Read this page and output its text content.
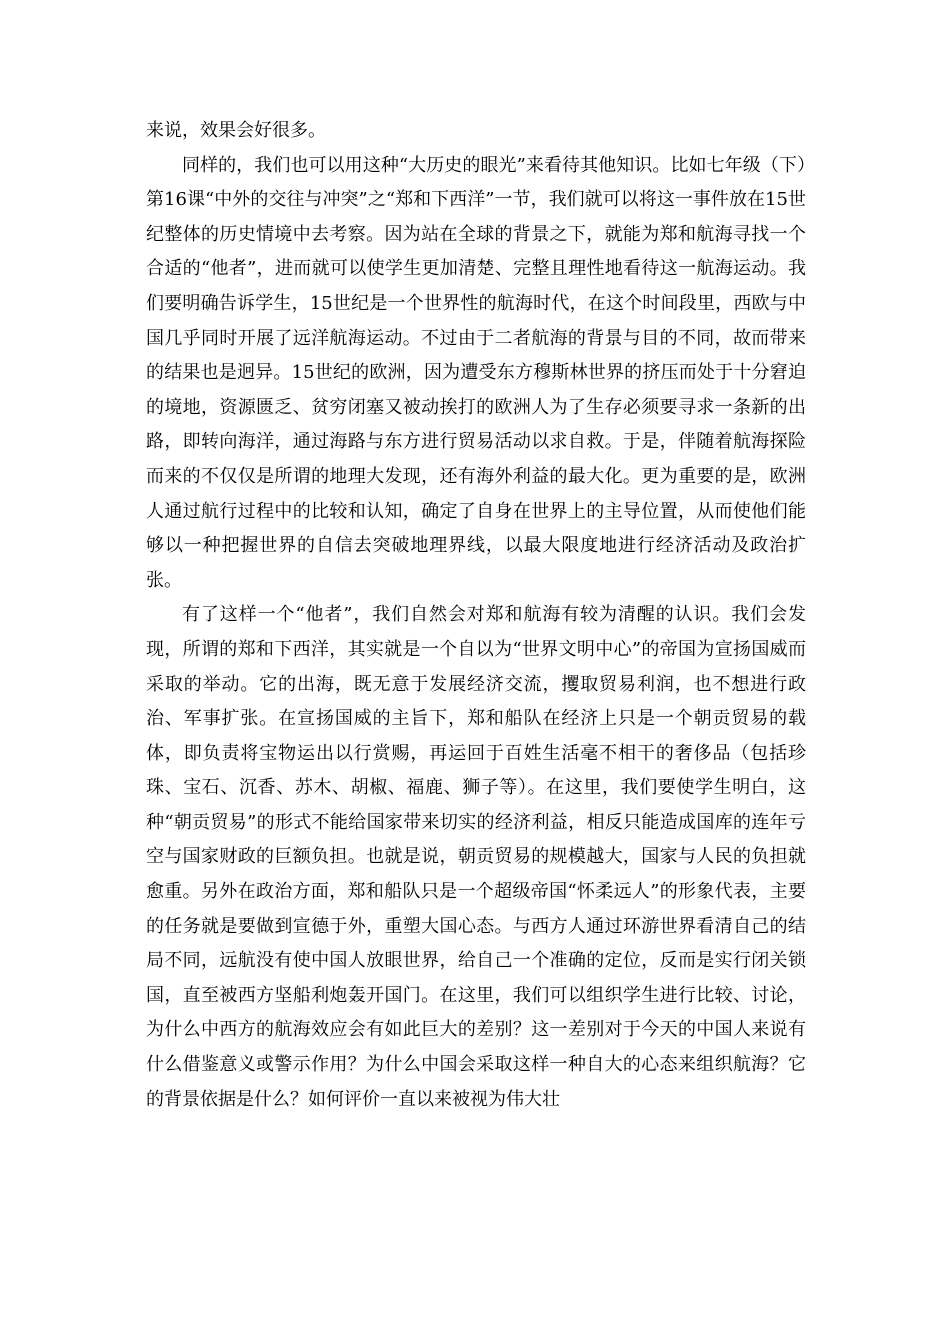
来说，效果会好很多。

同样的，我们也可以用这种“大历史的眼光”来看待其他知识。比如七年级（下）第16课“中外的交往与冲突”之“郑和下西洋”一节，我们就可以将这一事件放在15世纪整体的历史情境中去考察。因为站在全球的背景之下，就能为郑和航海寻找一个合适的“他者”，进而就可以使学生更加清楚、完整且理性地看待这一航海运动。我们要明确告诉学生，15世纪是一个世界性的航海时代，在这个时间段里，西欧与中国几乎同时开展了远洋航海运动。不过由于二者航海的背景与目的不同，故而带来的结果也是迥异。15世纪的欧洲，因为遭受东方穆斯林世界的挤压而处于十分窘迫的境地，资源匮乏、贫穷闭塞又被动挨打的欧洲人为了生存必须要寻求一条新的出路，即转向海洋，通过海路与东方进行贸易活动以求自救。于是，伴随着航海探险而来的不仅仅是所谓的地理大发现，还有海外利益的最大化。更为重要的是，欧洲人通过航行过程中的比较和认知，确定了自身在世界上的主导位置，从而使他们能够以一种把握世界的自信去突破地理界线，以最大限度地进行经济活动及政治扩张。

有了这样一个“他者”，我们自然会对郑和航海有较为清醒的认识。我们会发现，所谓的郑和下西洋，其实就是一个自以为“世界文明中心”的帝国为宣扬国威而采取的举动。它的出海，既无意于发展经济交流，攫取贸易利润，也不想进行政治、军事扩张。在宣扬国威的主旨下，郑和船队在经济上只是一个朝贡贸易的载体，即负责将宝物运出以行赏赐，再运回于百姓生活毫不相干的奢侈品（包括珍珠、宝石、沉香、苏木、胡椒、福鹿、狮子等）。在这里，我们要使学生明白，这种“朝贡贸易”的形式不能给国家带来切实的经济利益，相反只能造成国库的连年亏空与国家财政的巨额负担。也就是说，朝贡贸易的规模越大，国家与人民的负担就愈重。另外在政治方面，郑和船队只是一个超级帝国“怀柔远人”的形象代表，主要的任务就是要做到宣德于外，重塑大国心态。与西方人通过环游世界看清自己的结局不同，远航没有使中国人放眼世界，给自己一个准确的定位，反而是实行闭关锁国，直至被西方坚船利炮轰开国门。在这里，我们可以组织学生进行比较、讨论，为什么中西方的航海效应会有如此巨大的差别？这一差别对于今天的中国人来说有什么借鉴意义或警示作用？为什么中国会采取这样一种自大的心态来组织航海？它的背景依据是什么？如何评价一直以来被视为伟大壮
